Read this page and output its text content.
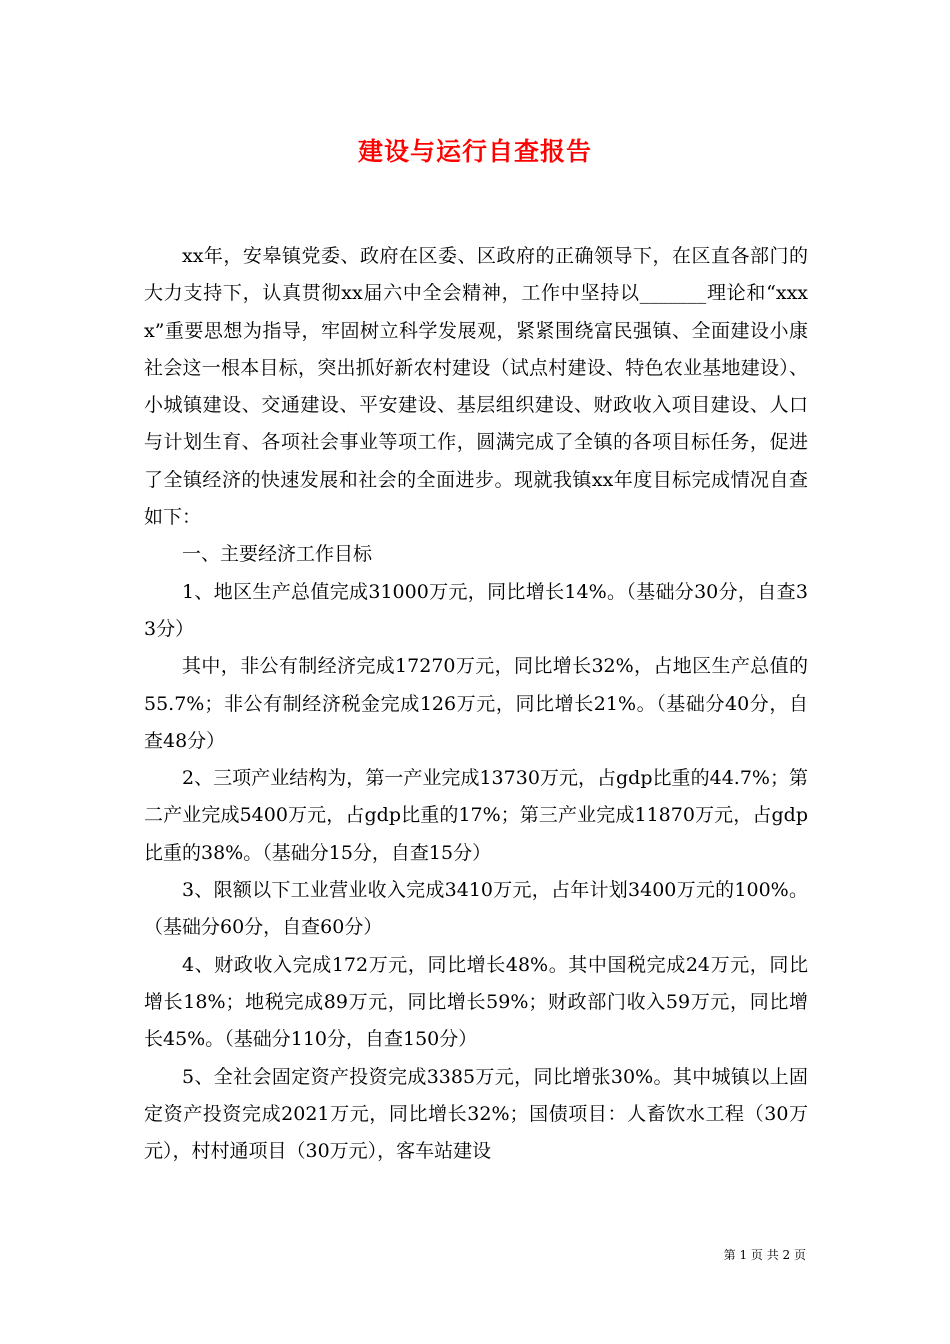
建设与运行自查报告

xx年，安皋镇党委、政府在区委、区政府的正确领导下，在区直各部门的大力支持下，认真贯彻xx届六中全会精神，工作中坚持以_______理论和“xxxx”重要思想为指导，牢固树立科学发展观，紧紧围绕富民强镇、全面建设小康社会这一根本目标，突出抓好新农村建设（试点村建设、特色农业基地建设）、小城镇建设、交通建设、平安建设、基层组织建设、财政收入项目建设、人口与计划生育、各项社会事业等项工作，圆满完成了全镇的各项目标任务，促进了全镇经济的快速发展和社会的全面进步。现就我镇xx年度目标完成情况自查如下：

一、主要经济工作目标

1、地区生产总值完成31000万元，同比增长14%。（基础分30分，自查33分）

其中，非公有制经济完成17270万元，同比增长32%，占地区生产总值的55.7%；非公有制经济税金完成126万元，同比增长21%。（基础分40分，自查48分）

2、三项产业结构为，第一产业完成13730万元，占gdp比重的44.7%；第二产业完成5400万元，占gdp比重的17%；第三产业完成11870万元，占gdp比重的38%。（基础分15分，自查15分）

3、限额以下工业营业收入完成3410万元，占年计划3400万元的100%。（基础分60分，自查60分）

4、财政收入完成172万元，同比增长48%。其中国税完成24万元，同比增长18%；地税完成89万元，同比增长59%；财政部门收入59万元，同比增长45%。（基础分110分，自查150分）

5、全社会固定资产投资完成3385万元，同比增张30%。其中城镇以上固定资产投资完成2021万元，同比增长32%；国债项目：人畜饮水工程（30万元），村村通项目（30万元），客车站建设

第 1 页 共 2 页
